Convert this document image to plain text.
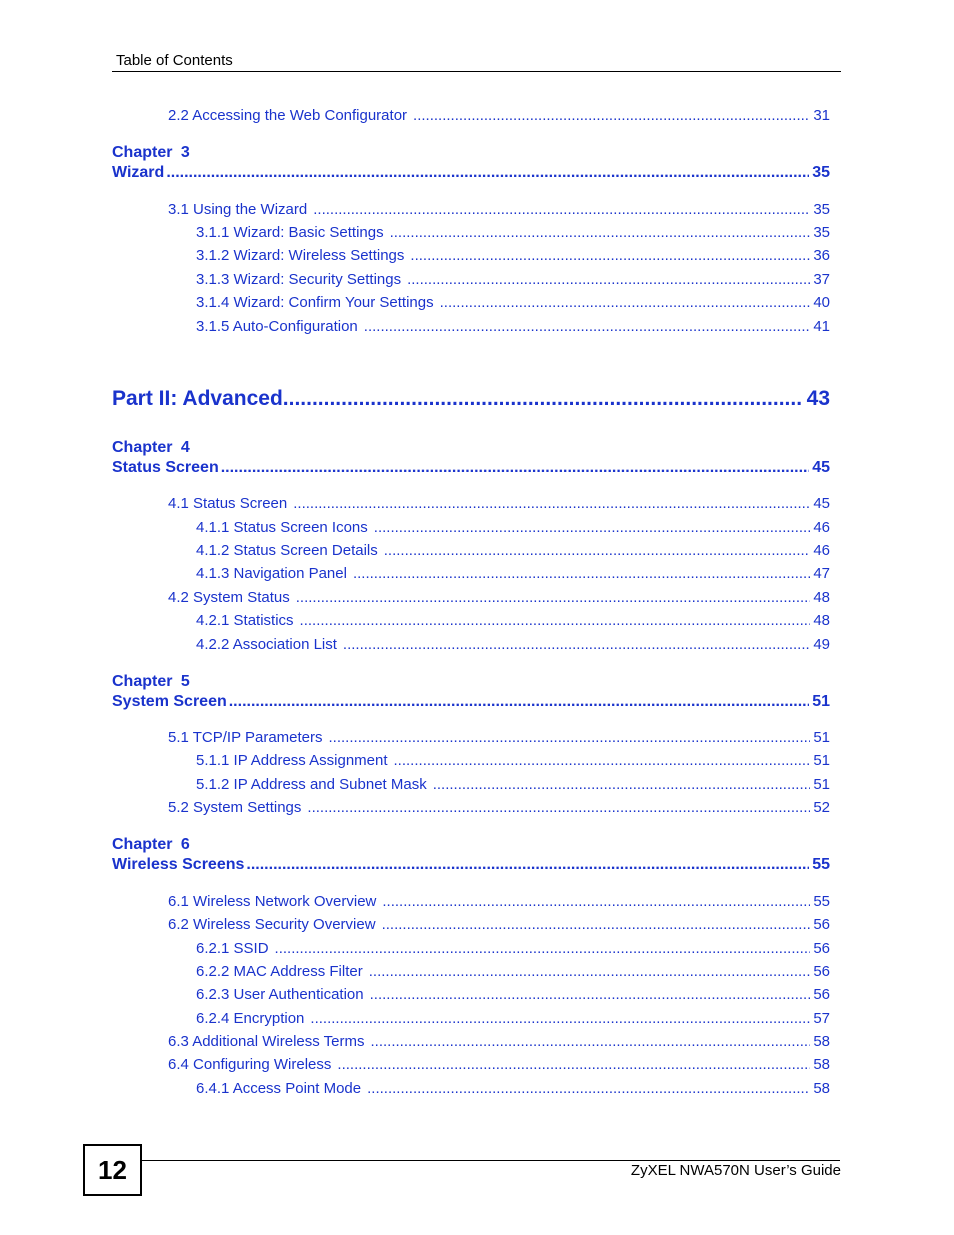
Table of Contents
2.2 Accessing the Web Configurator .....	31
Chapter 3
Wizard .....	35
3.1 Using the Wizard .....	35
3.1.1 Wizard: Basic Settings .....	35
3.1.2 Wizard: Wireless Settings .....	36
3.1.3 Wizard: Security Settings .....	37
3.1.4 Wizard: Confirm Your Settings .....	40
3.1.5 Auto-Configuration .....	41
Part II: Advanced .....	43
Chapter 4
Status Screen .....	45
4.1 Status Screen .....	45
4.1.1 Status Screen Icons .....	46
4.1.2 Status Screen Details .....	46
4.1.3 Navigation Panel .....	47
4.2 System Status .....	48
4.2.1 Statistics .....	48
4.2.2 Association List .....	49
Chapter 5
System Screen .....	51
5.1 TCP/IP Parameters .....	51
5.1.1 IP Address Assignment .....	51
5.1.2 IP Address and Subnet Mask .....	51
5.2 System Settings .....	52
Chapter 6
Wireless Screens .....	55
6.1 Wireless Network Overview .....	55
6.2 Wireless Security Overview .....	56
6.2.1 SSID .....	56
6.2.2 MAC Address Filter .....	56
6.2.3 User Authentication .....	56
6.2.4 Encryption .....	57
6.3 Additional Wireless Terms .....	58
6.4 Configuring Wireless .....	58
6.4.1 Access Point Mode .....	58
12	ZyXEL NWA570N User’s Guide
